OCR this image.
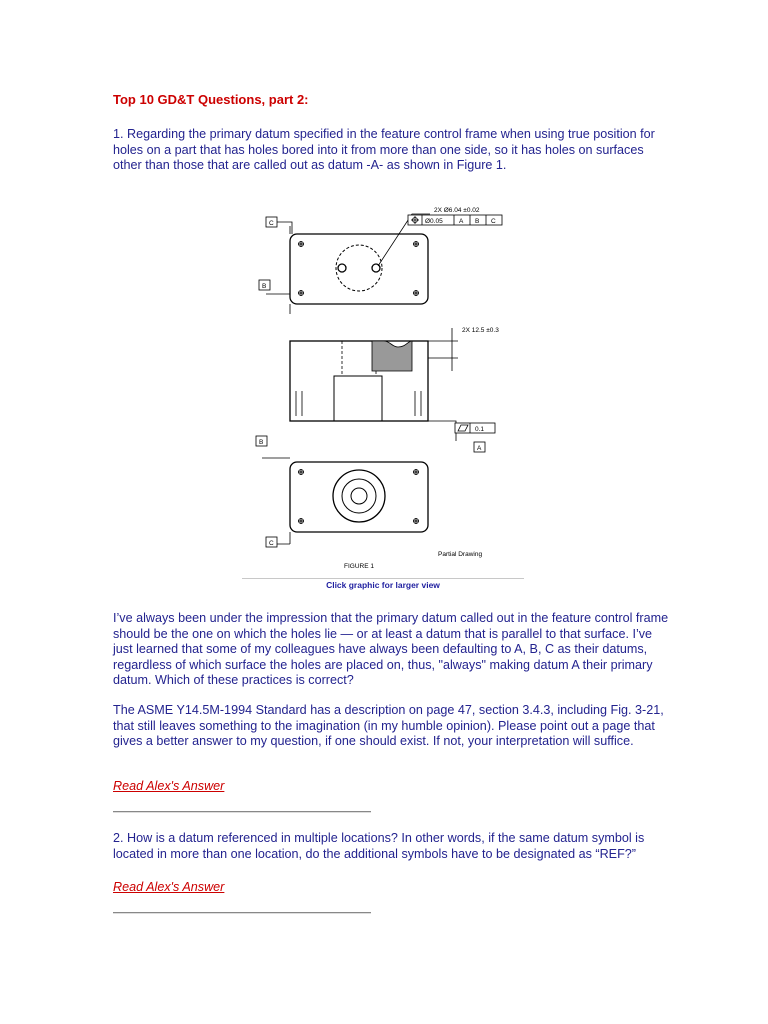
Top 10 GD&T Questions, part 2:

1. Regarding the primary datum specified in the feature control frame when using true position for holes on a part that has holes bored into it from more than one side, so it has holes on surfaces other than those that are called out as datum -A- as shown in Figure 1.

C
B
B
C
A
2X Ø6.04 ±0.02
Ø0.05	A B C
2X 12.5 ±0.3
0.1
Partial Drawing
FIGURE 1
Click graphic for larger view

I’ve always been under the impression that the primary datum called out in the feature control frame should be the one on which the holes lie — or at least a datum that is parallel to that surface. I’ve just learned that some of my colleagues have always been defaulting to A, B, C as their datums, regardless of which surface the holes are placed on, thus, "always" making datum A their primary datum. Which of these practices is correct?

The ASME Y14.5M-1994 Standard has a description on page 47, section 3.4.3, including Fig. 3-21, that still leaves something to the imagination (in my humble opinion). Please point out a page that gives a better answer to my question, if one should exist. If not, your interpretation will suffice.

Read Alex's Answer

2. How is a datum referenced in multiple locations? In other words, if the same datum symbol is located in more than one location, do the additional symbols have to be designated as “REF?”

Read Alex's Answer
